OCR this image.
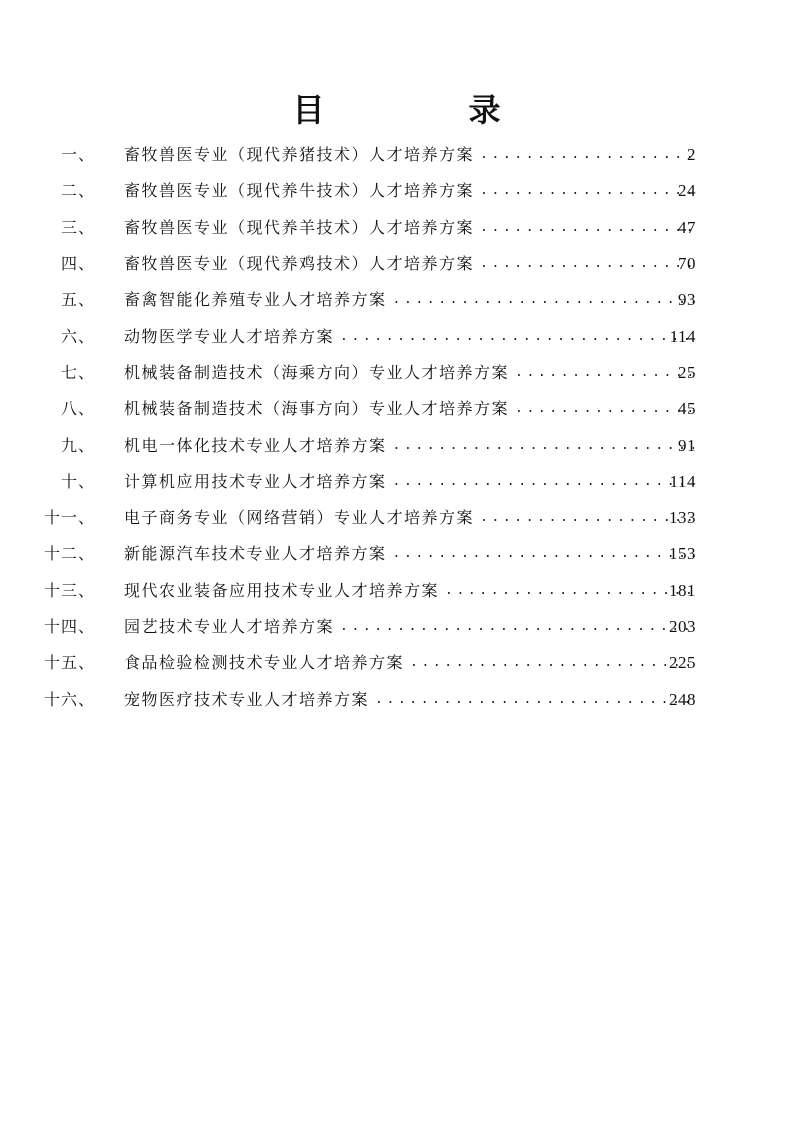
目　录
一、 畜牧兽医专业（现代养猪技术）人才培养方案 .....	2
二、 畜牧兽医专业（现代养牛技术）人才培养方案 .....	24
三、 畜牧兽医专业（现代养羊技术）人才培养方案 .....	47
四、 畜牧兽医专业（现代养鸡技术）人才培养方案 .....	70
五、 畜禽智能化养殖专业人才培养方案 .....	93
六、 动物医学专业人才培养方案 .....	114
七、 机械装备制造技术（海乘方向）专业人才培养方案 .....	25
八、 机械装备制造技术（海事方向）专业人才培养方案 .....	45
九、 机电一体化技术专业人才培养方案 .....	91
十、 计算机应用技术专业人才培养方案 .....	114
十一、 电子商务专业（网络营销）专业人才培养方案 .....	133
十二、 新能源汽车技术专业人才培养方案 .....	153
十三、 现代农业装备应用技术专业人才培养方案 .....	181
十四、 园艺技术专业人才培养方案 .....	203
十五、 食品检验检测技术专业人才培养方案 .....	225
十六、 宠物医疗技术专业人才培养方案 .....	248
